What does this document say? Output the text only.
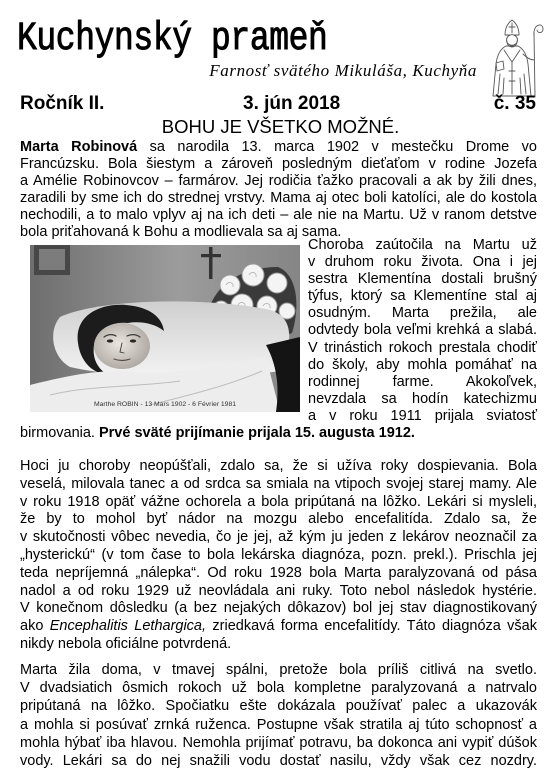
Kuchynský prameň
Farnosť svätého Mikuláša, Kuchyňa
Ročník II.	3. jún 2018	č. 35
BOHU JE VŠETKO MOŽNÉ.
Marta Robinová sa narodila 13. marca 1902 v mestečku Drome vo
Francúzsku. Bola šiestym a zároveň posledným dieťaťom v rodine Jozefa
a Amélie Robinovcov – farmárov. Jej rodičia ťažko pracovali a ak by žili dnes,
zaradili by sme ich do strednej vrstvy. Mama aj otec boli katolíci, ale do kostola
nechodili, a to malo vplyv aj na ich deti – ale nie na Martu. Už v ranom detstve
bola priťahovaná k Bohu a modlievala sa aj sama.
Marthe ROBIN - 13 Mars 1902 - 6 Février 1981
Choroba zaútočila na Martu už
v druhom roku života. Ona i jej
sestra Klementína dostali brušný
týfus, ktorý sa Klementíne stal aj
osudným. Marta prežila, ale
odvtedy bola veľmi krehká a slabá.
V trinástich rokoch prestala chodiť
do školy, aby mohla pomáhať na
rodinnej farme. Akokoľvek,
nevzdala sa hodín katechizmu
a v roku 1911 prijala sviatosť
birmovania. Prvé sväté prijímanie prijala 15. augusta 1912.
Hoci ju choroby neopúšťali, zdalo sa, že si užíva roky dospievania. Bola
veselá, milovala tanec a od srdca sa smiala na vtipoch svojej starej mamy. Ale
v roku 1918 opäť vážne ochorela a bola pripútaná na lôžko. Lekári si mysleli,
že by to mohol byť nádor na mozgu alebo encefalitída. Zdalo sa, že
v skutočnosti vôbec nevedia, čo je jej, až kým ju jeden z lekárov neoznačil za
„hysterickú“ (v tom čase to bola lekárska diagnóza, pozn. prekl.). Prischla jej
teda nepríjemná „nálepka“. Od roku 1928 bola Marta paralyzovaná od pása
nadol a od roku 1929 už neovládala ani ruky. Toto nebol následok hystérie.
V konečnom dôsledku (a bez nejakých dôkazov) bol jej stav diagnostikovaný
ako Encephalitis Lethargica, zriedkavá forma encefalitídy. Táto diagnóza však
nikdy nebola oficiálne potvrdená.
Marta žila doma, v tmavej spálni, pretože bola príliš citlivá na svetlo.
V dvadsiatich ôsmich rokoch už bola kompletne paralyzovaná a natrvalo
pripútaná na lôžko. Spočiatku ešte dokázala používať palec a ukazovák
a mohla si posúvať zrnká ruženca. Postupne však stratila aj túto schopnosť a
mohla hýbať iba hlavou. Nemohla prijímať potravu, ba dokonca ani vypiť dúšok
vody. Lekári sa do nej snažili vodu dostať nasilu, vždy však cez nozdry.
